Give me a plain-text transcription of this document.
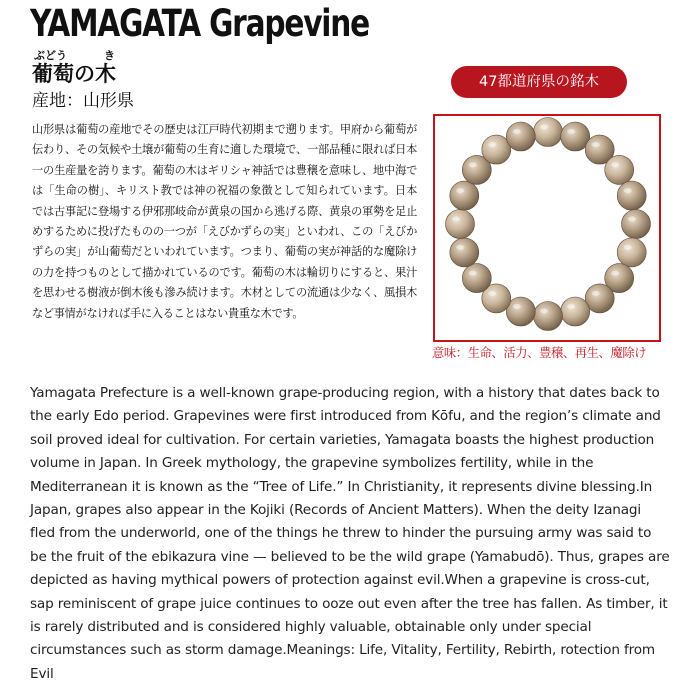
YAMAGATA Grapevine
ぶ ど う	き
葡萄の木
産地：山形県
山形県は葡萄の産地でその歴史は江戸時代初期まで遡ります。甲府から葡萄が伝わり、その気候や土壌が葡萄の生育に適した環境で、一部品種に限れば日本一の生産量を誇ります。葡萄の木はギリシャ神話では豊穣を意味し、地中海では「生命の樹」、キリスト教では神の祝福の象徴として知られています。日本では古事記に登場する伊邪那岐命が黄泉の国から逃げる際、黄泉の軍勢を足止めするために投げたものの一つが「えびかずらの実」といわれ、この「えびかずらの実」が山葡萄だといわれています。つまり、葡萄の実が神話的な魔除けの力を持つものとして描かれているのです。葡萄の木は輪切りにすると、果汁を思わせる樹液が倒木後も滲み続けます。木材としての流通は少なく、風損木など事情がなければ手に入ることはない貴重な木です。
47都道府県の銘木
意味：生命、活力、豊穣、再生、魔除け
Yamagata Prefecture is a well-known grape-producing region, with a history that dates back to the early Edo period. Grapevines were first introduced from Kōfu, and the region’s climate and soil proved ideal for cultivation. For certain varieties, Yamagata boasts the highest production volume in Japan. In Greek mythology, the grapevine symbolizes fertility, while in the Mediterranean it is known as the “Tree of Life.” In Christianity, it represents divine blessing.In Japan, grapes also appear in the Kojiki (Records of Ancient Matters). When the deity Izanagi fled from the underworld, one of the things he threw to hinder the pursuing army was said to be the fruit of the ebikazura vine — believed to be the wild grape (Yamabudō). Thus, grapes are depicted as having mythical powers of protection against evil.When a grapevine is cross-cut, sap reminiscent of grape juice continues to ooze out even after the tree has fallen. As timber, it is rarely distributed and is considered highly valuable, obtainable only under special circumstances such as storm damage.Meanings: Life, Vitality, Fertility, Rebirth, rotection from Evil
